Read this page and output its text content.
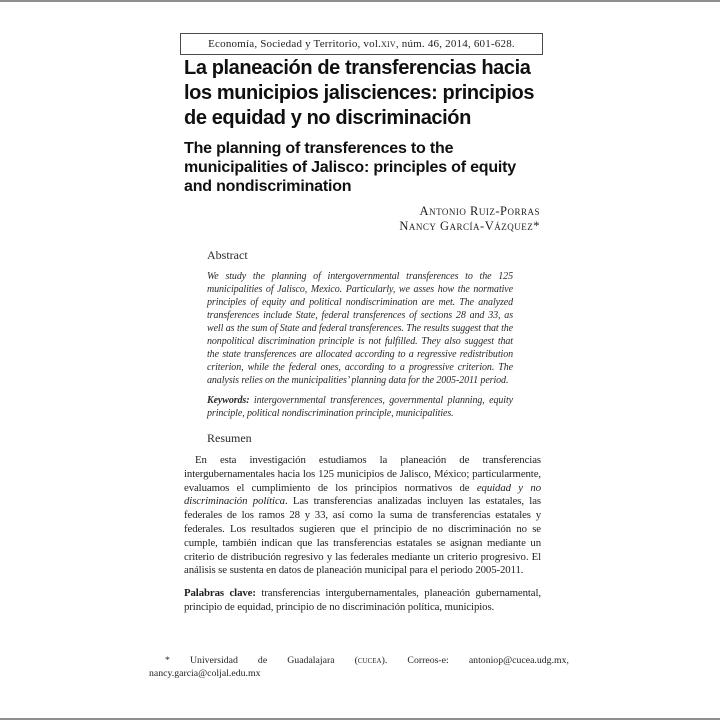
Economía, Sociedad y Territorio, vol. xiv , núm. 46, 2014, 601-628.
La planeación de transferencias hacia
los municipios jalisciences: principios
de equidad y no discriminación
The planning of transferences to the
municipalities of Jalisco: principles of equity
and nondiscrimination
Antonio Ruiz-Porras
Nancy García-Vázquez*

Abstract

We study the planning of intergovernmental transferences to the 125 municipalities of Jalisco, Mexico. Particularly, we asses how the normative principles of equity and political nondiscrimination are met. The analyzed transferences include State, federal transferences of sections 28 and 33, as well as the sum of State and federal transferences. The results suggest that the nonpolitical discrimination principle is not fulfilled. They also suggest that the state transferences are allocated according to a regressive redistribution criterion, while the federal ones, according to a progressive criterion. The analysis relies on the municipalities’ planning data for the 2005-2011 period.

Keywords: intergovernmental transferences, governmental planning, equity principle, political nondiscrimination principle, municipalities.

Resumen

En esta investigación estudiamos la planeación de transferencias intergubernamentales hacia los 125 municipios de Jalisco, México; particularmente, evaluamos el cumplimiento de los principios normativos de equidad y no discriminación política. Las transferencias analizadas incluyen las estatales, las federales de los ramos 28 y 33, así como la suma de transferencias estatales y federales. Los resultados sugieren que el principio de no discriminación no se cumple, también indican que las transferencias estatales se asignan mediante un criterio de distribución regresivo y las federales mediante un criterio progresivo. El análisis se sustenta en datos de planeación municipal para el periodo 2005-2011.

Palabras clave: transferencias intergubernamentales, planeación gubernamental, principio de equidad, principio de no discriminación política, municipios.

* Universidad de Guadalajara (cucea). Correos-e: antoniop@cucea.udg.mx, nancy.garcia@coljal.edu.mx
